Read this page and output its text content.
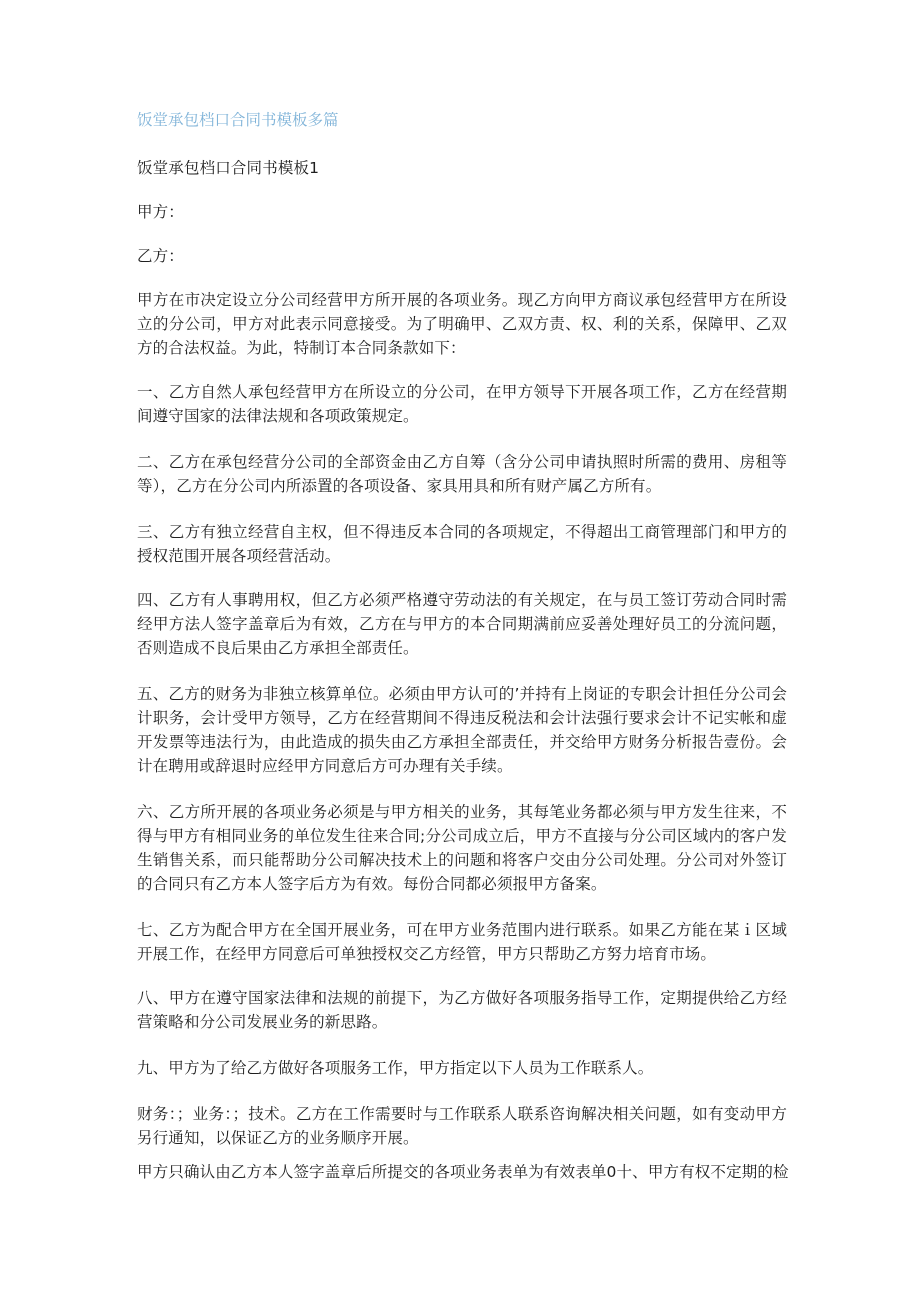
饭堂承包档口合同书模板多篇

饭堂承包档口合同书模板1

甲方：

乙方：

甲方在市决定设立分公司经营甲方所开展的各项业务。现乙方向甲方商议承包经营甲方在所设立的分公司，甲方对此表示同意接受。为了明确甲、乙双方责、权、利的关系，保障甲、乙双方的合法权益。为此，特制订本合同条款如下：

一、乙方自然人承包经营甲方在所设立的分公司，在甲方领导下开展各项工作，乙方在经营期间遵守国家的法律法规和各项政策规定。

二、乙方在承包经营分公司的全部资金由乙方自筹（含分公司申请执照时所需的费用、房租等等），乙方在分公司内所添置的各项设备、家具用具和所有财产属乙方所有。

三、乙方有独立经营自主权，但不得违反本合同的各项规定，不得超出工商管理部门和甲方的授权范围开展各项经营活动。

四、乙方有人事聘用权，但乙方必须严格遵守劳动法的有关规定，在与员工签订劳动合同时需经甲方法人签字盖章后为有效，乙方在与甲方的本合同期满前应妥善处理好员工的分流问题，否则造成不良后果由乙方承担全部责任。

五、乙方的财务为非独立核算单位。必须由甲方认可的’并持有上岗证的专职会计担任分公司会计职务，会计受甲方领导，乙方在经营期间不得违反税法和会计法强行要求会计不记实帐和虚开发票等违法行为，由此造成的损失由乙方承担全部责任，并交给甲方财务分析报告壹份。会计在聘用或辞退时应经甲方同意后方可办理有关手续。

六、乙方所开展的各项业务必须是与甲方相关的业务，其每笔业务都必须与甲方发生往来，不得与甲方有相同业务的单位发生往来合同;分公司成立后，甲方不直接与分公司区域内的客户发生销售关系，而只能帮助分公司解决技术上的问题和将客户交由分公司处理。分公司对外签订的合同只有乙方本人签字后方为有效。每份合同都必须报甲方备案。

七、乙方为配合甲方在全国开展业务，可在甲方业务范围内进行联系。如果乙方能在某ｉ区域开展工作，在经甲方同意后可单独授权交乙方经管，甲方只帮助乙方努力培育市场。

八、甲方在遵守国家法律和法规的前提下，为乙方做好各项服务指导工作，定期提供给乙方经营策略和分公司发展业务的新思路。

九、甲方为了给乙方做好各项服务工作，甲方指定以下人员为工作联系人。

财务：；业务：；技术。乙方在工作需要时与工作联系人联系咨询解决相关问题，如有变动甲方另行通知，以保证乙方的业务顺序开展。

甲方只确认由乙方本人签字盖章后所提交的各项业务表单为有效表单0十、甲方有权不定期的检
